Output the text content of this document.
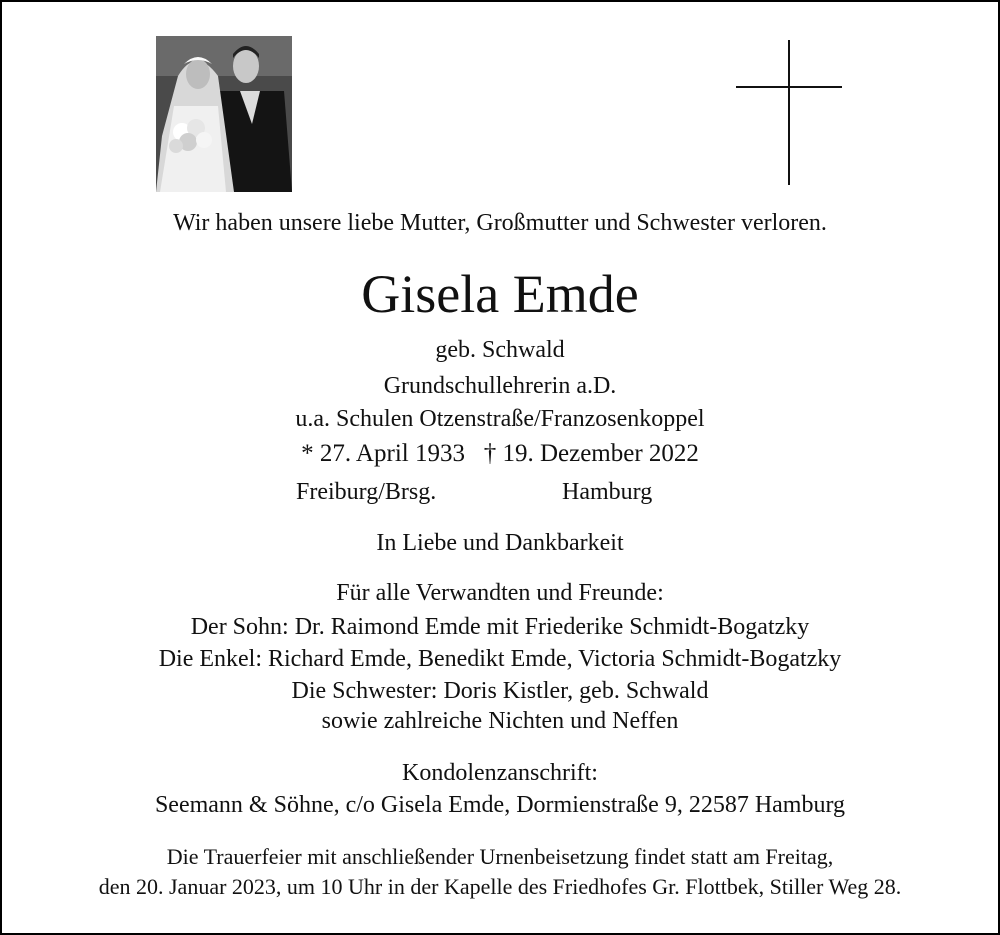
Wir haben unsere liebe Mutter, Großmutter und Schwester verloren.
Gisela Emde
geb. Schwald
Grundschullehrerin a.D.
u.a. Schulen Otzenstraße/Franzosenkoppel
* 27. April 1933   † 19. Dezember 2022
Freiburg/Brsg.	Hamburg
In Liebe und Dankbarkeit
Für alle Verwandten und Freunde:
Der Sohn: Dr. Raimond Emde mit Friederike Schmidt-Bogatzky
Die Enkel: Richard Emde, Benedikt Emde, Victoria Schmidt-Bogatzky
Die Schwester: Doris Kistler, geb. Schwald
sowie zahlreiche Nichten und Neffen
Kondolenzanschrift:
Seemann & Söhne, c/o Gisela Emde, Dormienstraße 9, 22587 Hamburg
Die Trauerfeier mit anschließender Urnenbeisetzung findet statt am Freitag,
den 20. Januar 2023, um 10 Uhr in der Kapelle des Friedhofes Gr. Flottbek, Stiller Weg 28.
